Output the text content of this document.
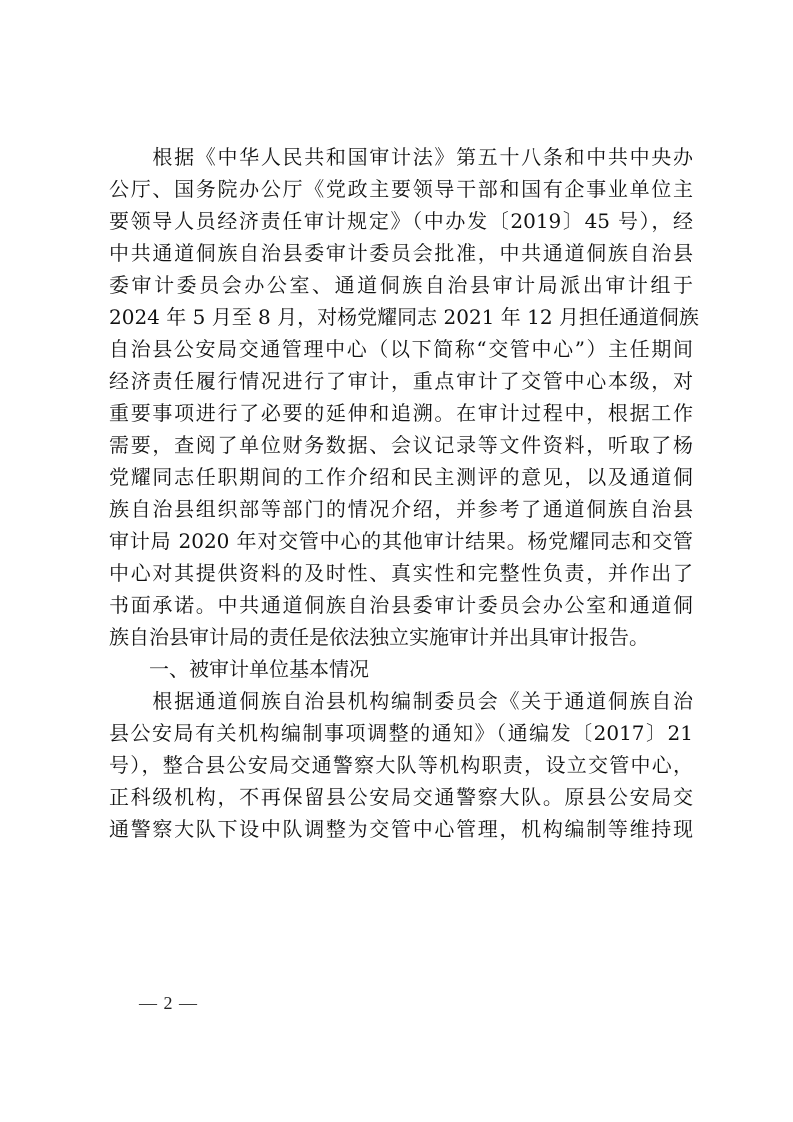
　　根据《中华人民共和国审计法》第五十八条和中共中央办
公厅、国务院办公厅《党政主要领导干部和国有企事业单位主
要领导人员经济责任审计规定》（中办发〔2019〕45 号），经
中共通道侗族自治县委审计委员会批准，中共通道侗族自治县
委审计委员会办公室、通道侗族自治县审计局派出审计组于
2024 年 5 月至 8 月，对杨党耀同志 2021 年 12 月担任通道侗族
自治县公安局交通管理中心（以下简称“交管中心”）主任期间
经济责任履行情况进行了审计，重点审计了交管中心本级，对
重要事项进行了必要的延伸和追溯。在审计过程中，根据工作
需要，查阅了单位财务数据、会议记录等文件资料，听取了杨
党耀同志任职期间的工作介绍和民主测评的意见，以及通道侗
族自治县组织部等部门的情况介绍，并参考了通道侗族自治县
审计局 2020 年对交管中心的其他审计结果。杨党耀同志和交管
中心对其提供资料的及时性、真实性和完整性负责，并作出了
书面承诺。中共通道侗族自治县委审计委员会办公室和通道侗
族自治县审计局的责任是依法独立实施审计并出具审计报告。
　　一、被审计单位基本情况
　　根据通道侗族自治县机构编制委员会《关于通道侗族自治
县公安局有关机构编制事项调整的通知》（通编发〔2017〕21
号），整合县公安局交通警察大队等机构职责，设立交管中心，
正科级机构，不再保留县公安局交通警察大队。原县公安局交
通警察大队下设中队调整为交管中心管理，机构编制等维持现
— 2 —
